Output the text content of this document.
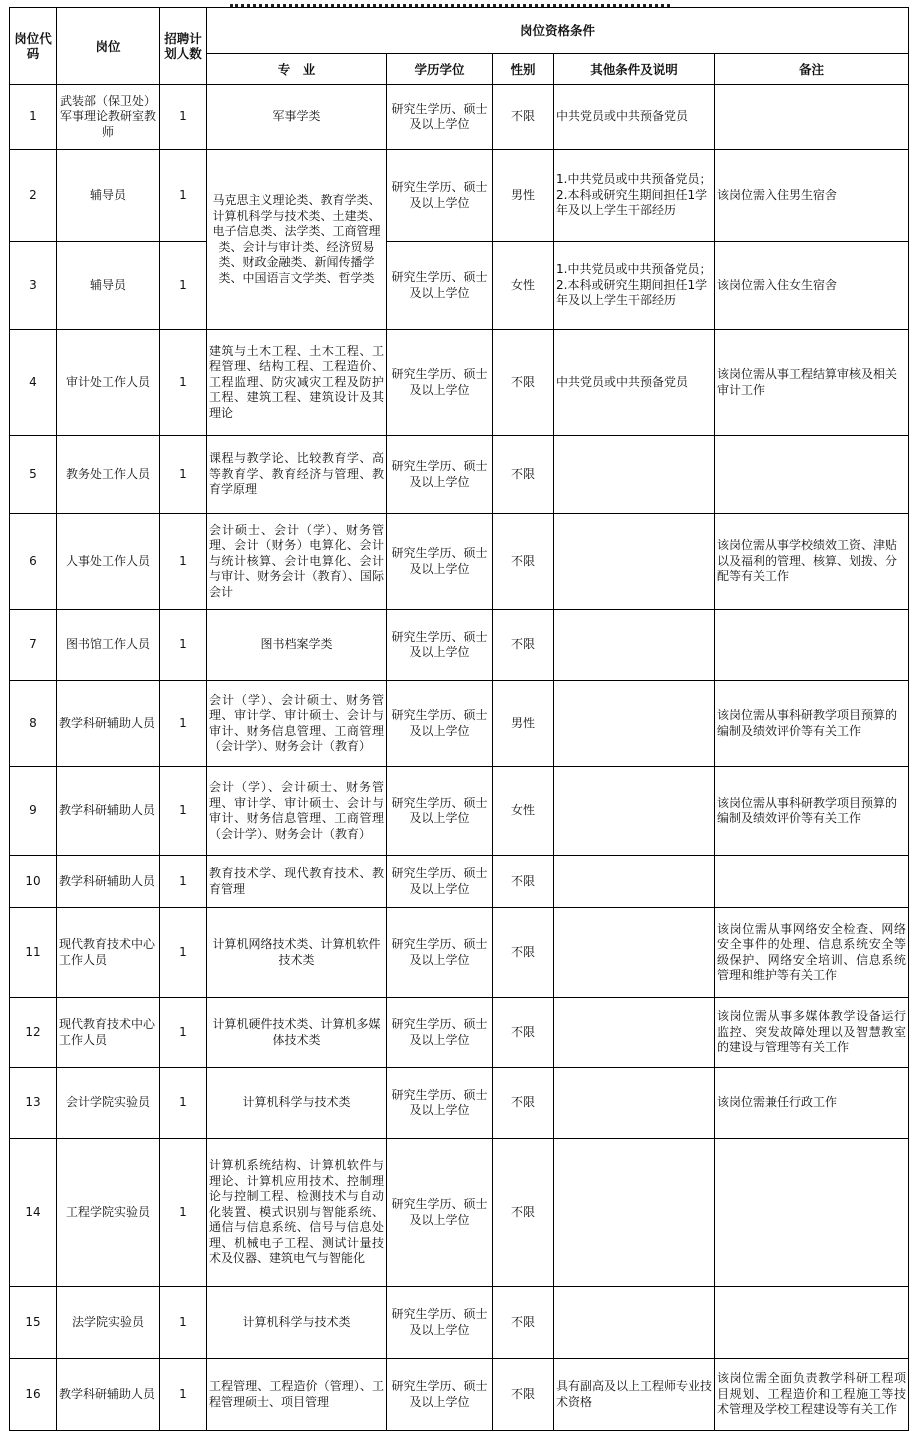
岗位代码	岗位	招聘计划人数	岗位资格条件				
			专　业	学历学位	性别	其他条件及说明	备注
1	武装部（保卫处）军事理论教研室教师	1	军事学类	研究生学历、硕士及以上学位	不限	中共党员或中共预备党员	
2	辅导员	1	马克思主义理论类、教育学类、计算机科学与技术类、土建类、电子信息类、法学类、工商管理类、会计与审计类、经济贸易类、财政金融类、新闻传播学类、中国语言文学类、哲学类	研究生学历、硕士及以上学位	男性	1.中共党员或中共预备党员；
2.本科或研究生期间担任1学年及以上学生干部经历	该岗位需入住男生宿舍
3	辅导员	1		研究生学历、硕士及以上学位	女性	1.中共党员或中共预备党员；
2.本科或研究生期间担任1学年及以上学生干部经历	该岗位需入住女生宿舍
4	审计处工作人员	1	建筑与土木工程、土木工程、工程管理、结构工程、工程造价、工程监理、防灾减灾工程及防护工程、建筑工程、建筑设计及其理论	研究生学历、硕士及以上学位	不限	中共党员或中共预备党员	该岗位需从事工程结算审核及相关审计工作
5	教务处工作人员	1	课程与教学论、比较教育学、高等教育学、教育经济与管理、教育学原理	研究生学历、硕士及以上学位	不限		
6	人事处工作人员	1	会计硕士、会计（学）、财务管理、会计（财务）电算化、会计与统计核算、会计电算化、会计与审计、财务会计（教育）、国际会计	研究生学历、硕士及以上学位	不限		该岗位需从事学校绩效工资、津贴以及福利的管理、核算、划拨、分配等有关工作
7	图书馆工作人员	1	图书档案学类	研究生学历、硕士及以上学位	不限		
8	教学科研辅助人员	1	会计（学）、会计硕士、财务管理、审计学、审计硕士、会计与审计、财务信息管理、工商管理（会计学）、财务会计（教育）	研究生学历、硕士及以上学位	男性		该岗位需从事科研教学项目预算的编制及绩效评价等有关工作
9	教学科研辅助人员	1	会计（学）、会计硕士、财务管理、审计学、审计硕士、会计与审计、财务信息管理、工商管理（会计学）、财务会计（教育）	研究生学历、硕士及以上学位	女性		该岗位需从事科研教学项目预算的编制及绩效评价等有关工作
10	教学科研辅助人员	1	教育技术学、现代教育技术、教育管理	研究生学历、硕士及以上学位	不限		
11	现代教育技术中心工作人员	1	计算机网络技术类、计算机软件技术类	研究生学历、硕士及以上学位	不限		该岗位需从事网络安全检查、网络安全事件的处理、信息系统安全等级保护、网络安全培训、信息系统管理和维护等有关工作
12	现代教育技术中心工作人员	1	计算机硬件技术类、计算机多媒体技术类	研究生学历、硕士及以上学位	不限		该岗位需从事多媒体教学设备运行监控、突发故障处理以及智慧教室的建设与管理等有关工作
13	会计学院实验员	1	计算机科学与技术类	研究生学历、硕士及以上学位	不限		该岗位需兼任行政工作
14	工程学院实验员	1	计算机系统结构、计算机软件与理论、计算机应用技术、控制理论与控制工程、检测技术与自动化装置、模式识别与智能系统、通信与信息系统、信号与信息处理、机械电子工程、测试计量技术及仪器、建筑电气与智能化	研究生学历、硕士及以上学位	不限		
15	法学院实验员	1	计算机科学与技术类	研究生学历、硕士及以上学位	不限		
16	教学科研辅助人员	1	工程管理、工程造价（管理）、工程管理硕士、项目管理	研究生学历、硕士及以上学位	不限	具有副高及以上工程师专业技术资格	该岗位需全面负责教学科研工程项目规划、工程造价和工程施工等技术管理及学校工程建设等有关工作
